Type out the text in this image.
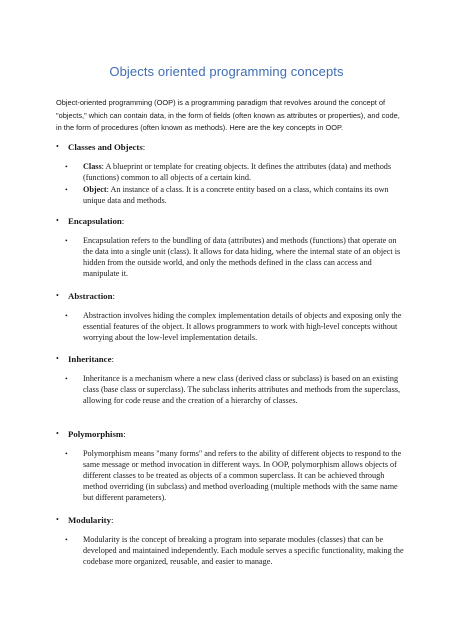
Objects oriented programming concepts
Object-oriented programming (OOP) is a programming paradigm that revolves around the concept of "objects," which can contain data, in the form of fields (often known as attributes or properties), and code, in the form of procedures (often known as methods). Here are the key concepts in OOP.
• Classes and Objects:
• Class: A blueprint or template for creating objects. It defines the attributes (data) and methods (functions) common to all objects of a certain kind.
• Object: An instance of a class. It is a concrete entity based on a class, which contains its own unique data and methods.
• Encapsulation:
• Encapsulation refers to the bundling of data (attributes) and methods (functions) that operate on the data into a single unit (class). It allows for data hiding, where the internal state of an object is hidden from the outside world, and only the methods defined in the class can access and manipulate it.
• Abstraction:
• Abstraction involves hiding the complex implementation details of objects and exposing only the essential features of the object. It allows programmers to work with high-level concepts without worrying about the low-level implementation details.
• Inheritance:
• Inheritance is a mechanism where a new class (derived class or subclass) is based on an existing class (base class or superclass). The subclass inherits attributes and methods from the superclass, allowing for code reuse and the creation of a hierarchy of classes.
• Polymorphism:
• Polymorphism means "many forms" and refers to the ability of different objects to respond to the same message or method invocation in different ways. In OOP, polymorphism allows objects of different classes to be treated as objects of a common superclass. It can be achieved through method overriding (in subclass) and method overloading (multiple methods with the same name but different parameters).
• Modularity:
• Modularity is the concept of breaking a program into separate modules (classes) that can be developed and maintained independently. Each module serves a specific functionality, making the codebase more organized, reusable, and easier to manage.
